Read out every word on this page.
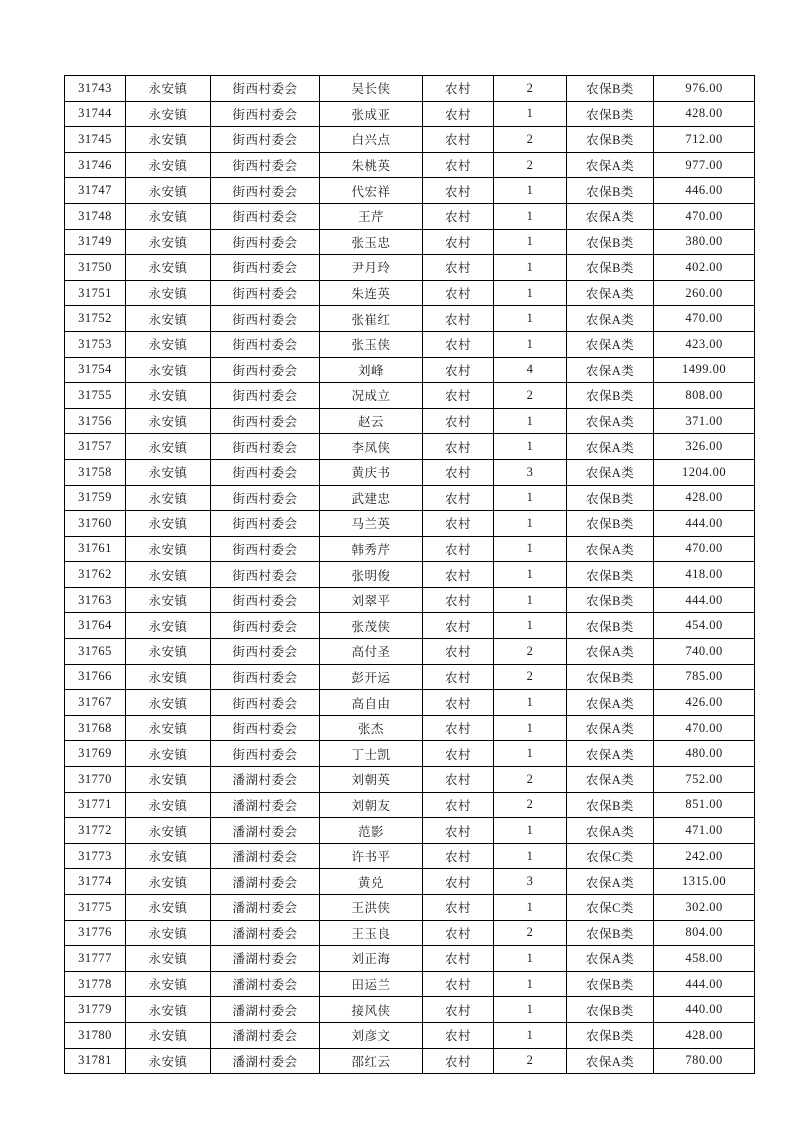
31743	永安镇	街西村委会	吴长侠	农村	2	农保B类	976.00
31744	永安镇	街西村委会	张成亚	农村	1	农保B类	428.00
31745	永安镇	街西村委会	白兴点	农村	2	农保B类	712.00
31746	永安镇	街西村委会	朱桃英	农村	2	农保A类	977.00
31747	永安镇	街西村委会	代宏祥	农村	1	农保B类	446.00
31748	永安镇	街西村委会	王芹	农村	1	农保A类	470.00
31749	永安镇	街西村委会	张玉忠	农村	1	农保B类	380.00
31750	永安镇	街西村委会	尹月玲	农村	1	农保B类	402.00
31751	永安镇	街西村委会	朱连英	农村	1	农保A类	260.00
31752	永安镇	街西村委会	张崔红	农村	1	农保A类	470.00
31753	永安镇	街西村委会	张玉侠	农村	1	农保A类	423.00
31754	永安镇	街西村委会	刘峰	农村	4	农保A类	1499.00
31755	永安镇	街西村委会	况成立	农村	2	农保B类	808.00
31756	永安镇	街西村委会	赵云	农村	1	农保A类	371.00
31757	永安镇	街西村委会	李凤侠	农村	1	农保A类	326.00
31758	永安镇	街西村委会	黄庆书	农村	3	农保A类	1204.00
31759	永安镇	街西村委会	武建忠	农村	1	农保B类	428.00
31760	永安镇	街西村委会	马兰英	农村	1	农保B类	444.00
31761	永安镇	街西村委会	韩秀芹	农村	1	农保A类	470.00
31762	永安镇	街西村委会	张明俊	农村	1	农保B类	418.00
31763	永安镇	街西村委会	刘翠平	农村	1	农保B类	444.00
31764	永安镇	街西村委会	张茂侠	农村	1	农保B类	454.00
31765	永安镇	街西村委会	高付圣	农村	2	农保A类	740.00
31766	永安镇	街西村委会	彭开运	农村	2	农保B类	785.00
31767	永安镇	街西村委会	高自由	农村	1	农保A类	426.00
31768	永安镇	街西村委会	张杰	农村	1	农保A类	470.00
31769	永安镇	街西村委会	丁士凯	农村	1	农保A类	480.00
31770	永安镇	潘湖村委会	刘朝英	农村	2	农保A类	752.00
31771	永安镇	潘湖村委会	刘朝友	农村	2	农保B类	851.00
31772	永安镇	潘湖村委会	范影	农村	1	农保A类	471.00
31773	永安镇	潘湖村委会	许书平	农村	1	农保C类	242.00
31774	永安镇	潘湖村委会	黄兑	农村	3	农保A类	1315.00
31775	永安镇	潘湖村委会	王洪侠	农村	1	农保C类	302.00
31776	永安镇	潘湖村委会	王玉良	农村	2	农保B类	804.00
31777	永安镇	潘湖村委会	刘正海	农村	1	农保A类	458.00
31778	永安镇	潘湖村委会	田运兰	农村	1	农保B类	444.00
31779	永安镇	潘湖村委会	接风侠	农村	1	农保B类	440.00
31780	永安镇	潘湖村委会	刘彦文	农村	1	农保B类	428.00
31781	永安镇	潘湖村委会	邵红云	农村	2	农保A类	780.00
